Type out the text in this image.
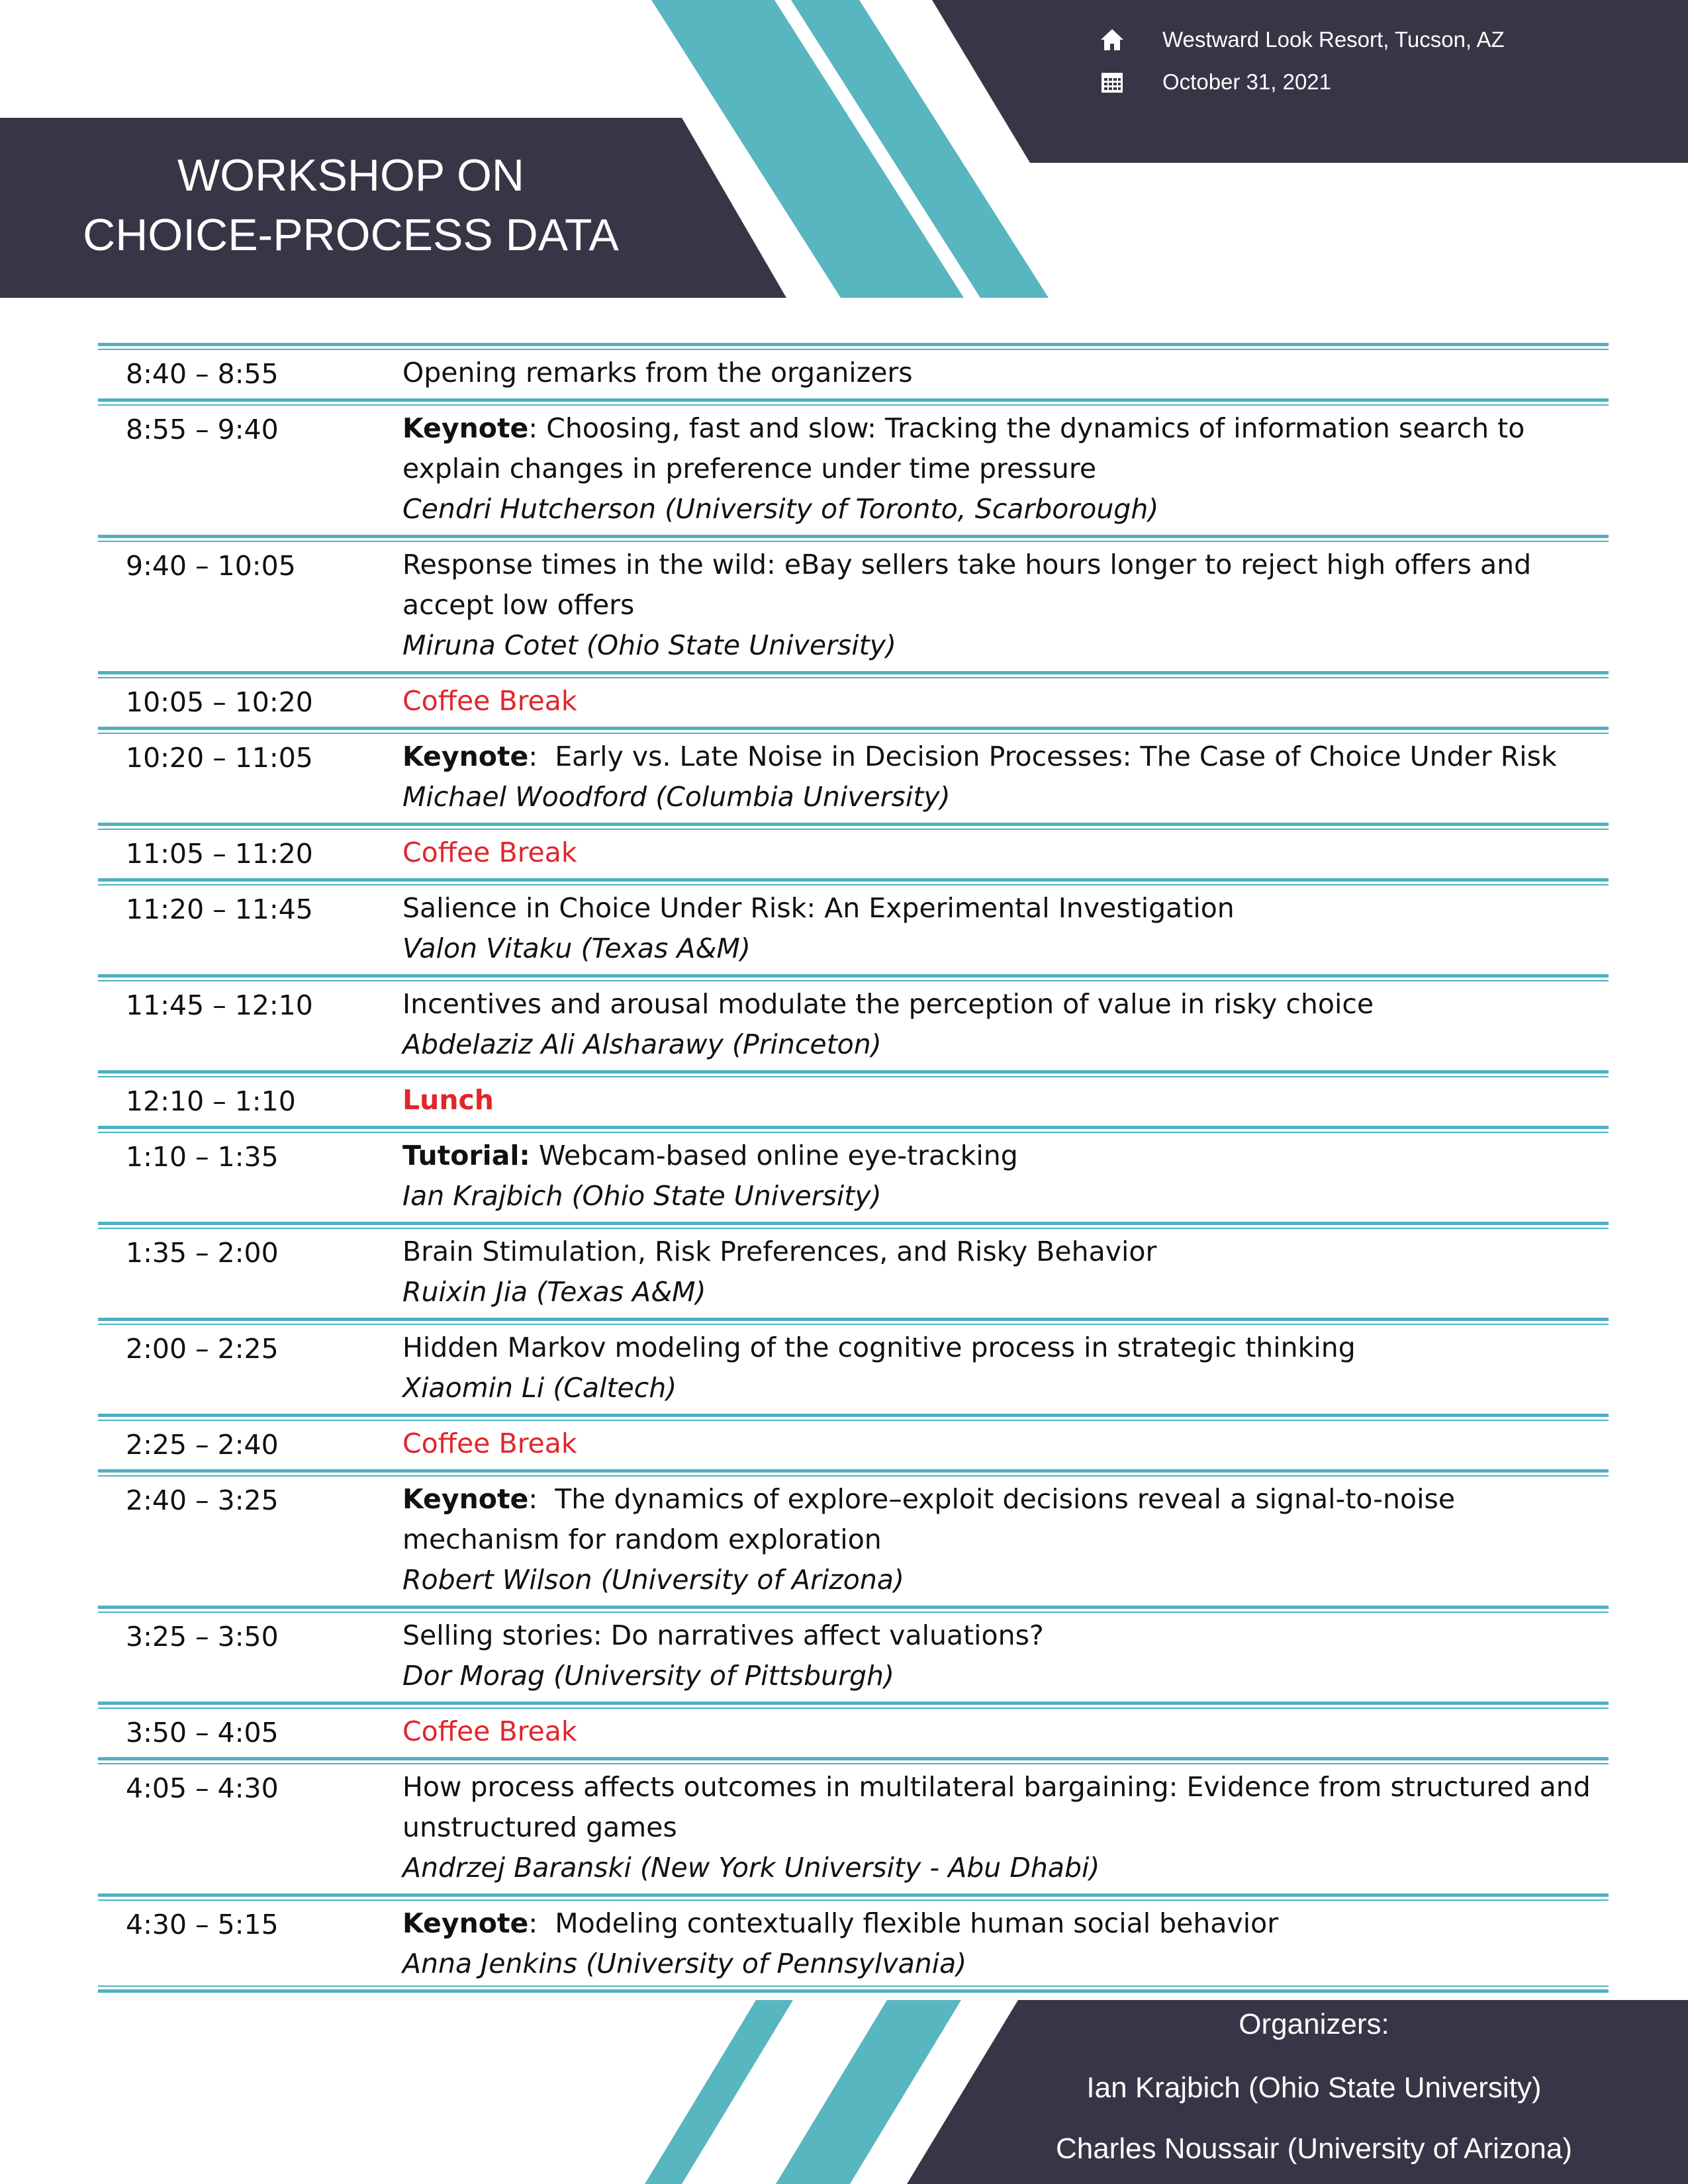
WORKSHOP ON
CHOICE-PROCESS DATA
Westward Look Resort, Tucson, AZ
October 31, 2021
8:40 – 8:55	Opening remarks from the organizers
8:55 – 9:40	Keynote: Choosing, fast and slow: Tracking the dynamics of information search to explain changes in preference under time pressure
Cendri Hutcherson (University of Toronto, Scarborough)
9:40 – 10:05	Response times in the wild: eBay sellers take hours longer to reject high offers and accept low offers
Miruna Cotet (Ohio State University)
10:05 – 10:20	Coffee Break
10:20 – 11:05	Keynote:  Early vs. Late Noise in Decision Processes: The Case of Choice Under Risk
Michael Woodford (Columbia University)
11:05 – 11:20	Coffee Break
11:20 – 11:45	Salience in Choice Under Risk: An Experimental Investigation
Valon Vitaku (Texas A&M)
11:45 – 12:10	Incentives and arousal modulate the perception of value in risky choice
Abdelaziz Ali Alsharawy (Princeton)
12:10 – 1:10	Lunch
1:10 – 1:35	Tutorial: Webcam-based online eye-tracking
Ian Krajbich (Ohio State University)
1:35 – 2:00	Brain Stimulation, Risk Preferences, and Risky Behavior
Ruixin Jia (Texas A&M)
2:00 – 2:25	Hidden Markov modeling of the cognitive process in strategic thinking
Xiaomin Li (Caltech)
2:25 – 2:40	Coffee Break
2:40 – 3:25	Keynote:  The dynamics of explore–exploit decisions reveal a signal-to-noise mechanism for random exploration
Robert Wilson (University of Arizona)
3:25 – 3:50	Selling stories: Do narratives affect valuations?
Dor Morag (University of Pittsburgh)
3:50 – 4:05	Coffee Break
4:05 – 4:30	How process affects outcomes in multilateral bargaining: Evidence from structured and unstructured games
Andrzej Baranski (New York University - Abu Dhabi)
4:30 – 5:15	Keynote:  Modeling contextually flexible human social behavior
Anna Jenkins (University of Pennsylvania)
Organizers:
Ian Krajbich (Ohio State University)
Charles Noussair (University of Arizona)
